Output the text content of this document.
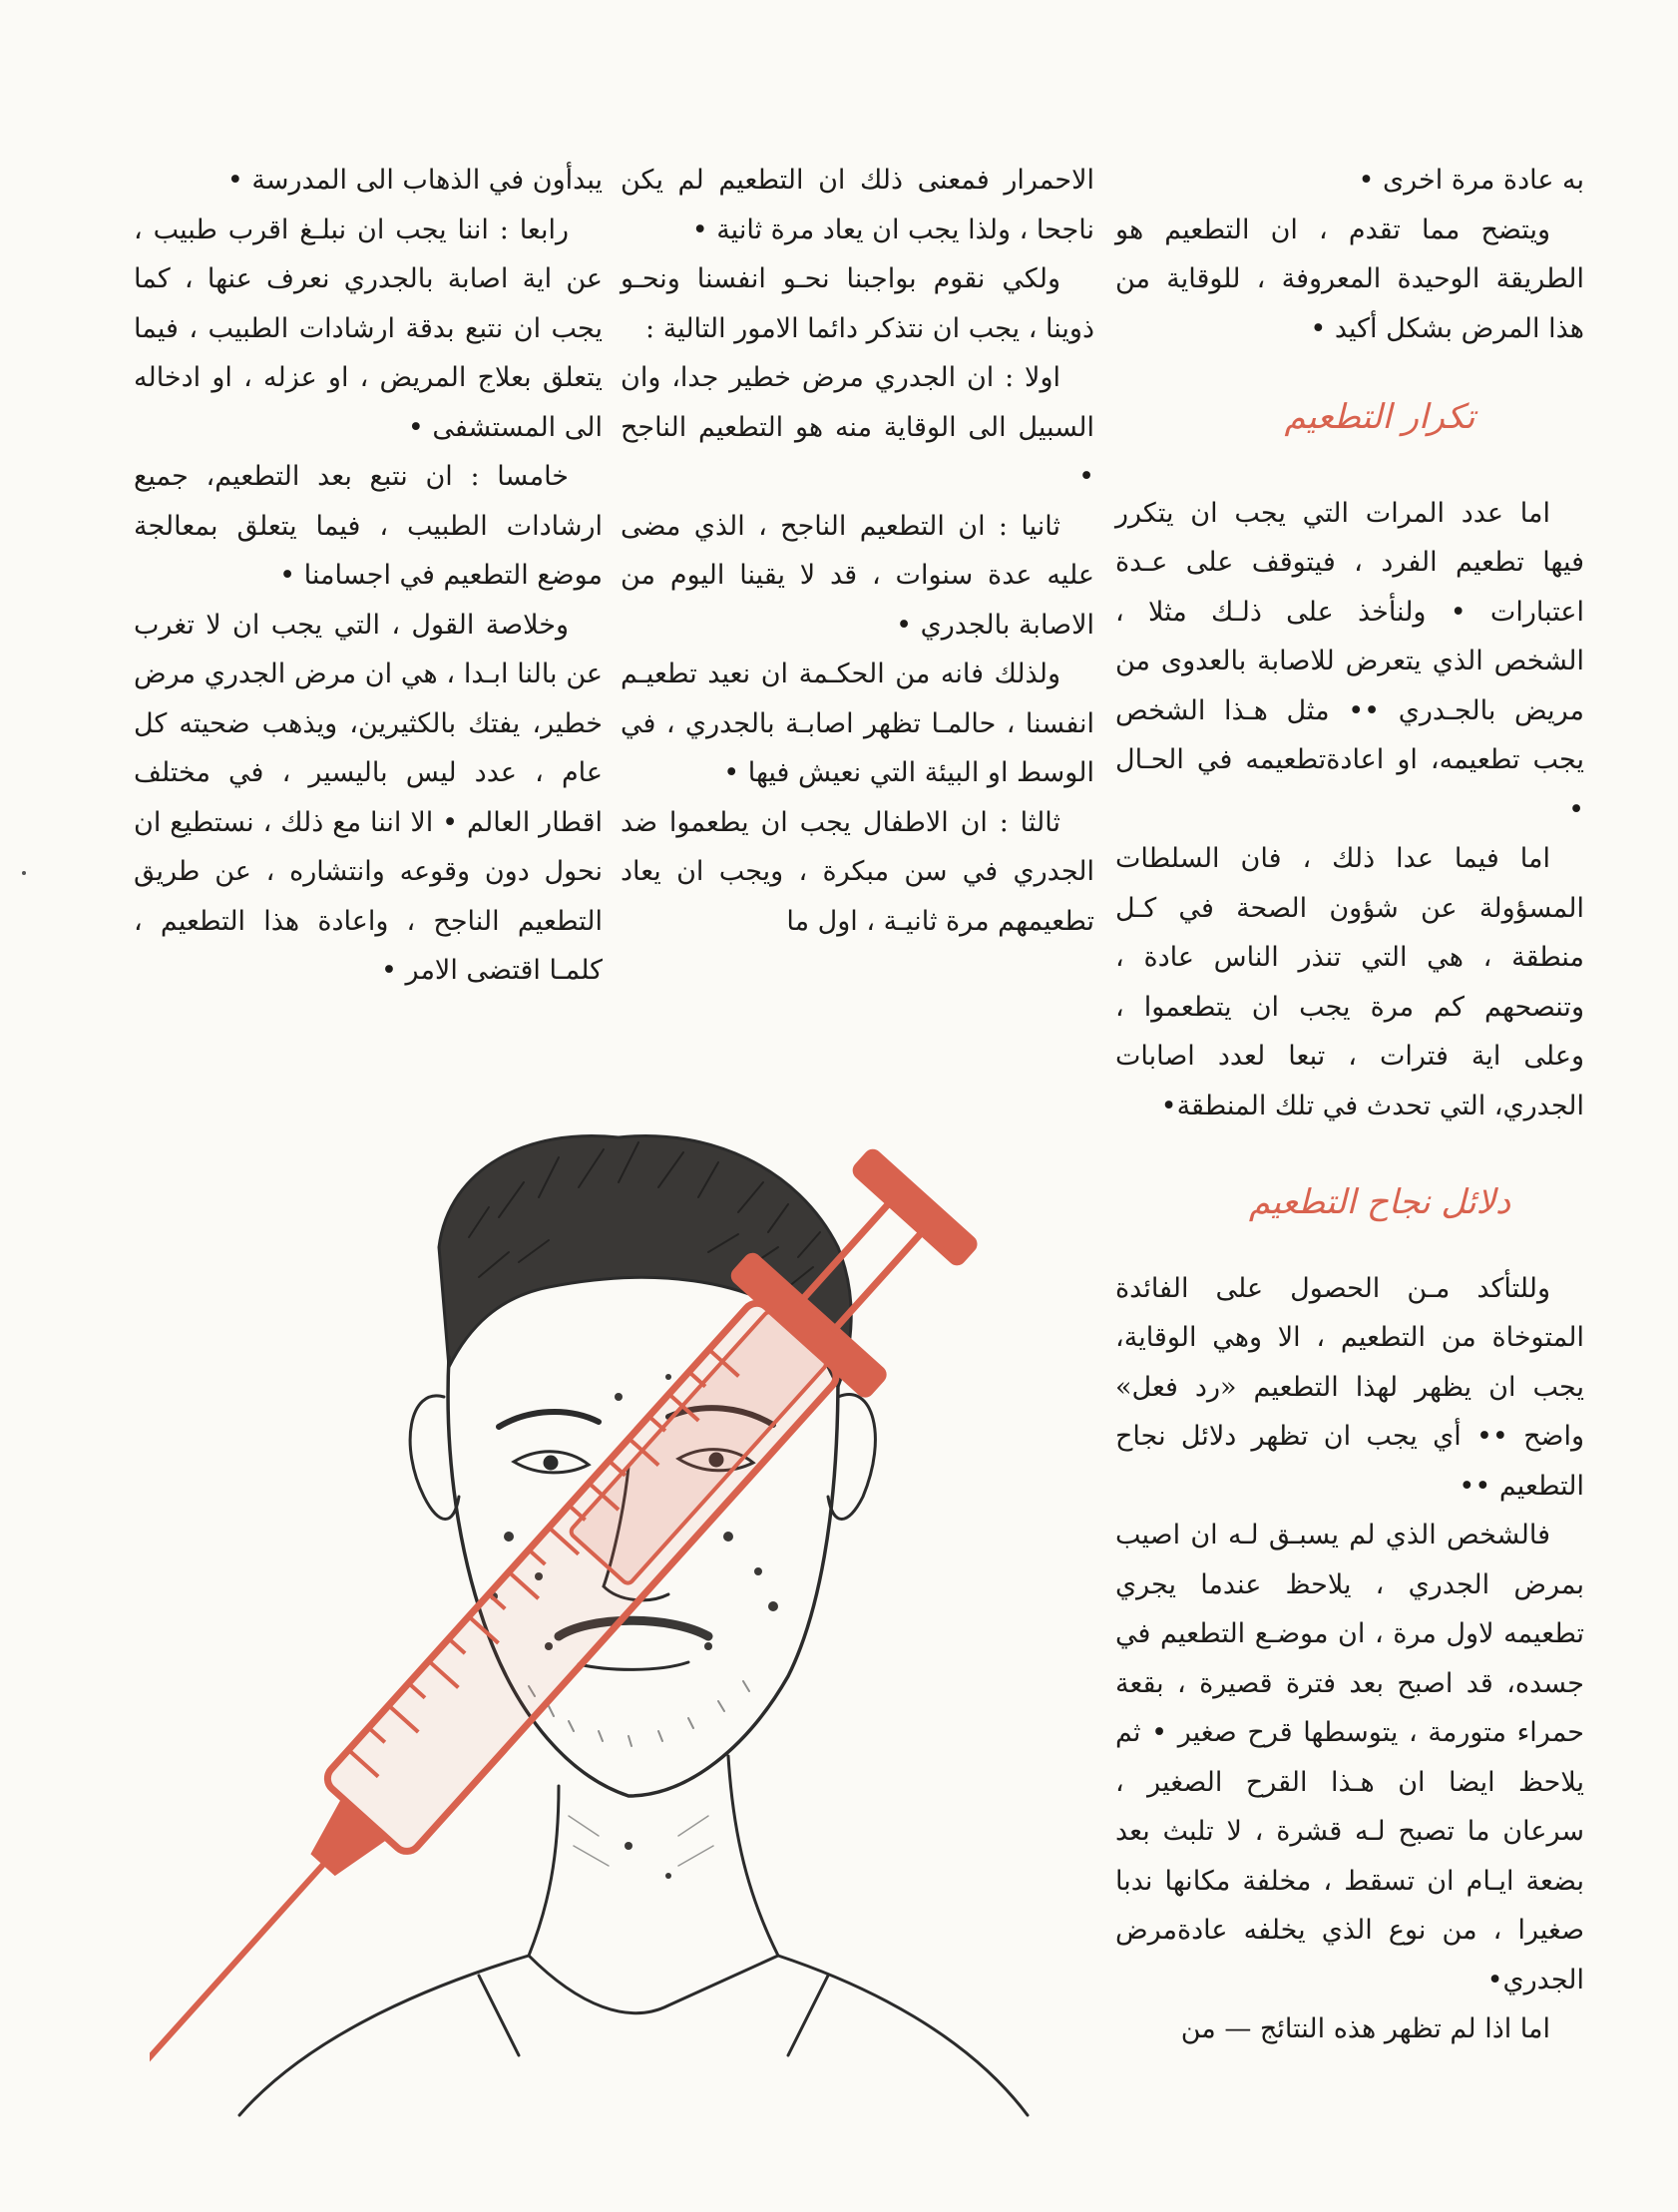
به عادة مرة اخرى •

ويتضح مما تقدم ، ان التطعيم هو الطريقة الوحيدة المعروفة ، للوقاية من هذا المرض بشكل أكيد •

تكرار التطعيم

اما عدد المرات التي يجب ان يتكرر فيها تطعيم الفرد ، فيتوقف على عـدة اعتبارات • ولنأخذ على ذلـك مثلا ، الشخص الذي يتعرض للاصابة بالعدوى من مريض بالجـدري •• مثل هـذا الشخص يجب تطعيمه، او اعادةتطعيمه في الحـال •

اما فيما عدا ذلك ، فان السلطات المسؤولة عن شؤون الصحة في كـل منطقة ، هي التي تنذر الناس عادة ، وتنصحهم كم مرة يجب ان يتطعموا ، وعلى اية فترات ، تبعا لعدد اصابات الجدري، التي تحدث في تلك المنطقة•

دلائل نجاح التطعيم

وللتأكد مـن الحصول على الفائدة المتوخاة من التطعيم ، الا وهي الوقاية، يجب ان يظهر لهذا التطعيم «رد فعل» واضح •• أي يجب ان تظهر دلائل نجاح التطعيم ••

فالشخص الذي لم يسبـق لـه ان اصيب بمرض الجدري ، يلاحظ عندما يجري تطعيمه لاول مرة ، ان موضـع التطعيم في جسده، قد اصبح بعد فترة قصيرة ، بقعة حمراء متورمة ، يتوسطها قرح صغير • ثم يلاحظ ايضا ان هـذا القرح الصغير ، سرعان ما تصبح لـه قشرة ، لا تلبث بعد بضعة ايـام ان تسقط ، مخلفة مكانها ندبا صغيرا ، من نوع الذي يخلفه عادةمرض الجدري•

اما اذا لم تظهر هذه النتائج — من

الاحمرار فمعنى ذلك ان التطعيم لم يكن ناجحا ، ولذا يجب ان يعاد مرة ثانية •

ولكي نقوم بواجبنا نحـو انفسنا ونحـو ذوينا ، يجب ان نتذكر دائما الامور التالية :

اولا : ان الجدري مرض خطير جدا، وان السبيل الى الوقاية منه هو التطعيم الناجح •

ثانيا : ان التطعيم الناجح ، الذي مضى عليه عدة سنوات ، قد لا يقينا اليوم من الاصابة بالجدري •

ولذلك فانه من الحكـمة ان نعيد تطعيـم انفسنا ، حالمـا تظهر اصابـة بالجدري ، في الوسط او البيئة التي نعيش فيها •

ثالثا : ان الاطفال يجب ان يطعموا ضد الجدري في سن مبكرة ، ويجب ان يعاد تطعيمهم مرة ثانيـة ، اول ما

يبدأون في الذهاب الى المدرسة •

رابعا : اننا يجب ان نبلـغ اقرب طبيب ، عن اية اصابة بالجدري نعرف عنها ، كما يجب ان نتبع بدقة ارشادات الطبيب ، فيما يتعلق بعلاج المريض ، او عزله ، او ادخاله الى المستشفى •

خامسا : ان نتبع بعد التطعيم، جميع ارشادات الطبيب ، فيما يتعلق بمعالجة موضع التطعيم في اجسامنا •

وخلاصة القول ، التي يجب ان لا تغرب عن بالنا ابـدا ، هي ان مرض الجدري مرض خطير، يفتك بالكثيرين، ويذهب ضحيته كل عام ، عدد ليس باليسير ، في مختلف اقطار العالم • الا اننا مع ذلك ، نستطيع ان نحول دون وقوعه وانتشاره ، عن طريق التطعيم الناجح ، واعادة هذا التطعيم ، كلمـا اقتضى الامر •
